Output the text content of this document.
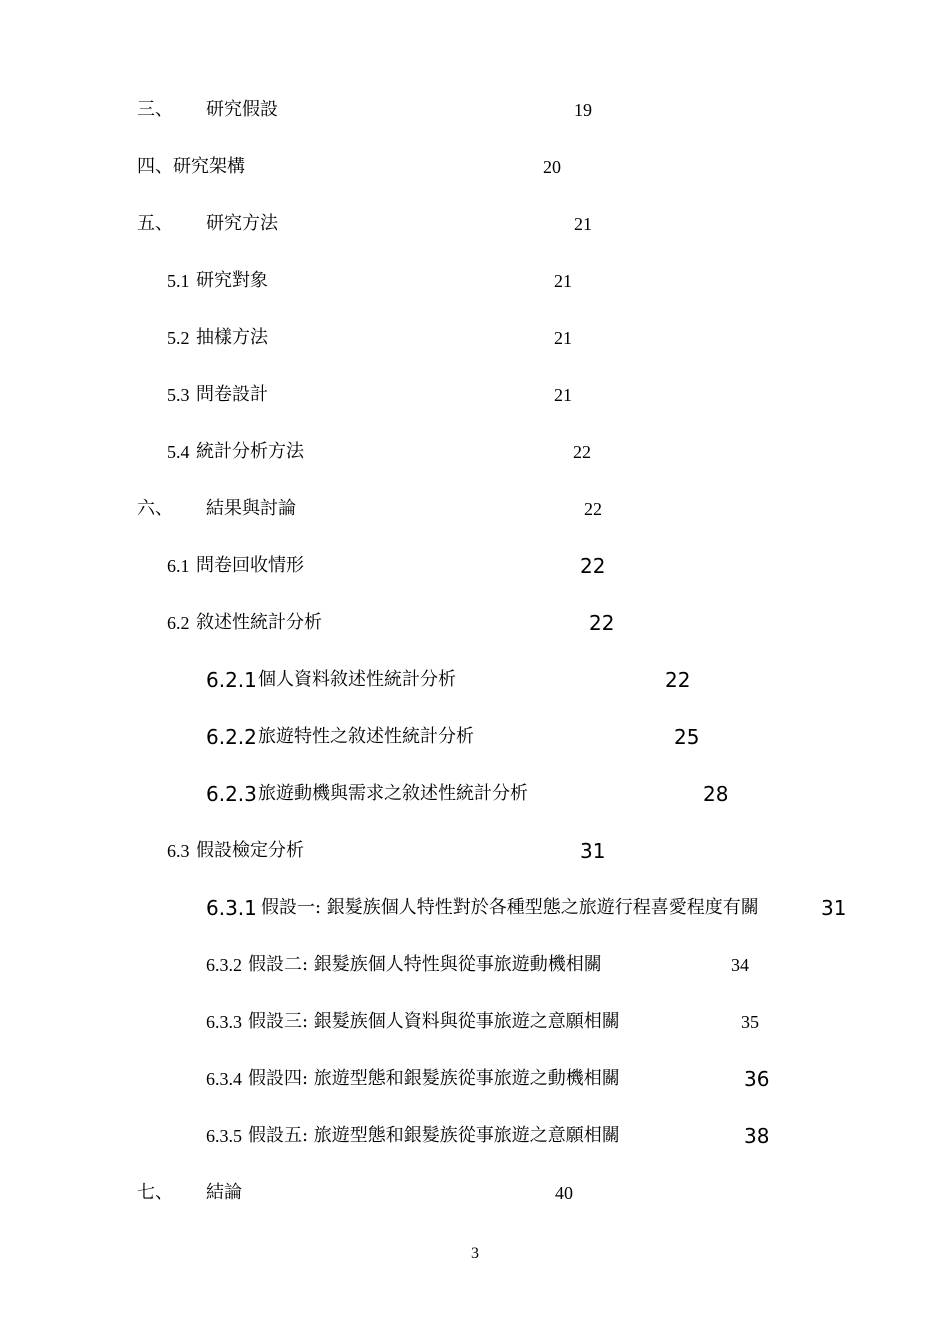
三、 研究假設	19
四、研究架構	20
五、 研究方法	21
5.1 研究對象	21
5.2 抽樣方法	21
5.3 問卷設計	21
5.4 統計分析方法	22
六、 結果與討論	22
6.1 問卷回收情形	22
6.2 敘述性統計分析	22
6.2.1 個人資料敘述性統計分析	22
6.2.2 旅遊特性之敘述性統計分析	25
6.2.3 旅遊動機與需求之敘述性統計分析	28
6.3 假設檢定分析	31
6.3.1 假設一: 銀髮族個人特性對於各種型態之旅遊行程喜愛程度有關	31
6.3.2 假設二: 銀髮族個人特性與從事旅遊動機相關	34
6.3.3 假設三: 銀髮族個人資料與從事旅遊之意願相關	35
6.3.4 假設四: 旅遊型態和銀髮族從事旅遊之動機相關	36
6.3.5 假設五: 旅遊型態和銀髮族從事旅遊之意願相關	38
七、 結論	40
3
